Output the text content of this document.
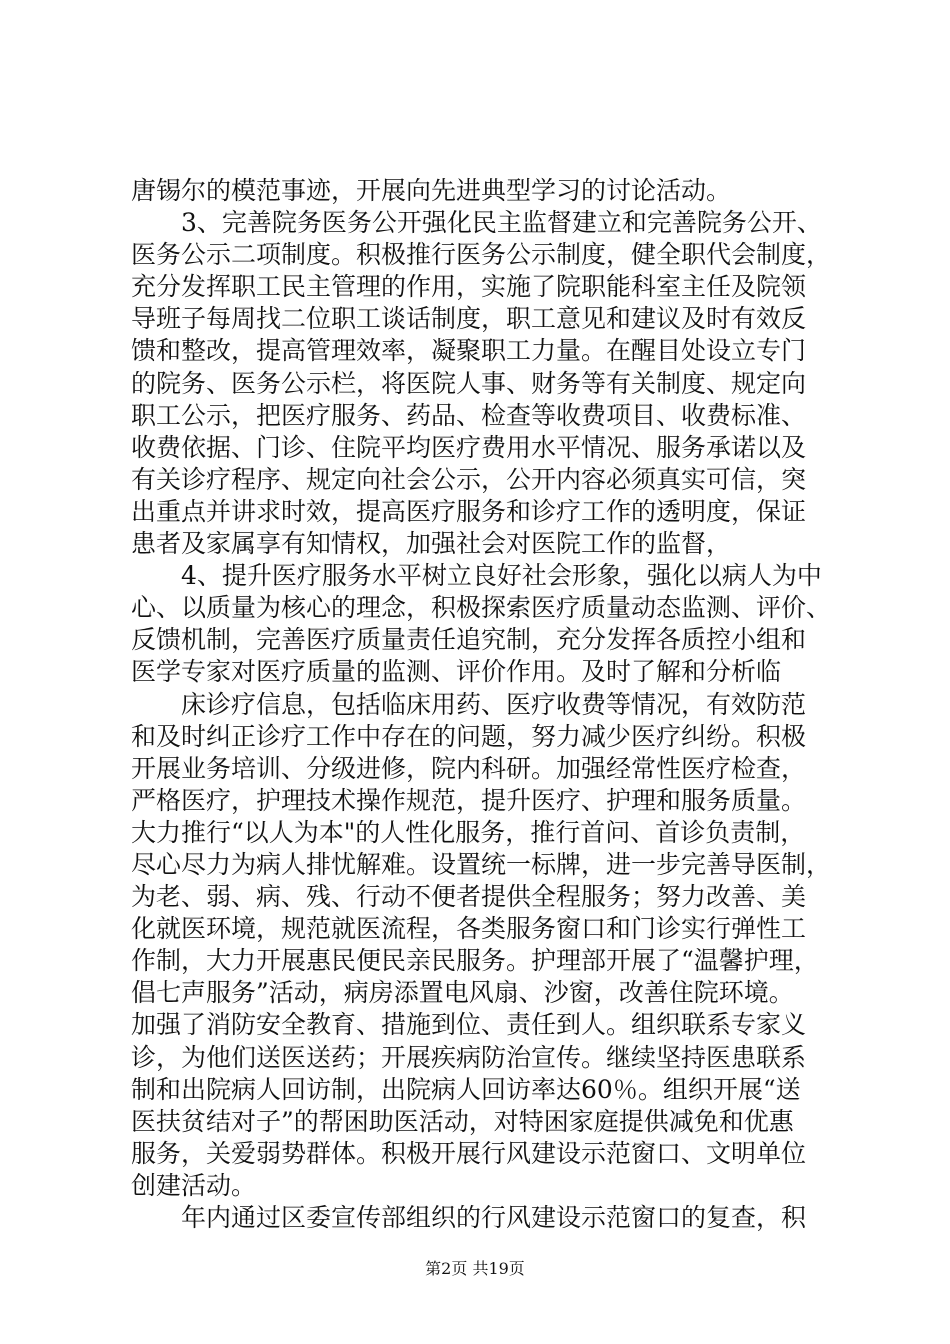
唐锡尔的模范事迹，开展向先进典型学习的讨论活动。
3、完善院务医务公开强化民主监督建立和完善院务公开、
医务公示二项制度。积极推行医务公示制度，健全职代会制度，
充分发挥职工民主管理的作用，实施了院职能科室主任及院领
导班子每周找二位职工谈话制度，职工意见和建议及时有效反
馈和整改，提高管理效率，凝聚职工力量。在醒目处设立专门
的院务、医务公示栏，将医院人事、财务等有关制度、规定向
职工公示，把医疗服务、药品、检查等收费项目、收费标准、
收费依据、门诊、住院平均医疗费用水平情况、服务承诺以及
有关诊疗程序、规定向社会公示，公开内容必须真实可信，突
出重点并讲求时效，提高医疗服务和诊疗工作的透明度，保证
患者及家属享有知情权，加强社会对医院工作的监督，
4、提升医疗服务水平树立良好社会形象，强化以病人为中
心、以质量为核心的理念，积极探索医疗质量动态监测、评价、
反馈机制，完善医疗质量责任追究制，充分发挥各质控小组和
医学专家对医疗质量的监测、评价作用。及时了解和分析临
床诊疗信息，包括临床用药、医疗收费等情况，有效防范
和及时纠正诊疗工作中存在的问题，努力减少医疗纠纷。积极
开展业务培训、分级进修，院内科研。加强经常性医疗检查，
严格医疗，护理技术操作规范，提升医疗、护理和服务质量。
大力推行“以人为本"的人性化服务，推行首问、首诊负责制，
尽心尽力为病人排忧解难。设置统一标牌，进一步完善导医制，
为老、弱、病、残、行动不便者提供全程服务；努力改善、美
化就医环境，规范就医流程，各类服务窗口和门诊实行弹性工
作制，大力开展惠民便民亲民服务。护理部开展了“温馨护理，
倡七声服务”活动，病房添置电风扇、沙窗，改善住院环境。
加强了消防安全教育、措施到位、责任到人。组织联系专家义
诊，为他们送医送药；开展疾病防治宣传。继续坚持医患联系
制和出院病人回访制，出院病人回访率达60％。组织开展“送
医扶贫结对子”的帮困助医活动，对特困家庭提供减免和优惠
服务，关爱弱势群体。积极开展行风建设示范窗口、文明单位
创建活动。
年内通过区委宣传部组织的行风建设示范窗口的复查，积
第2页 共19页
